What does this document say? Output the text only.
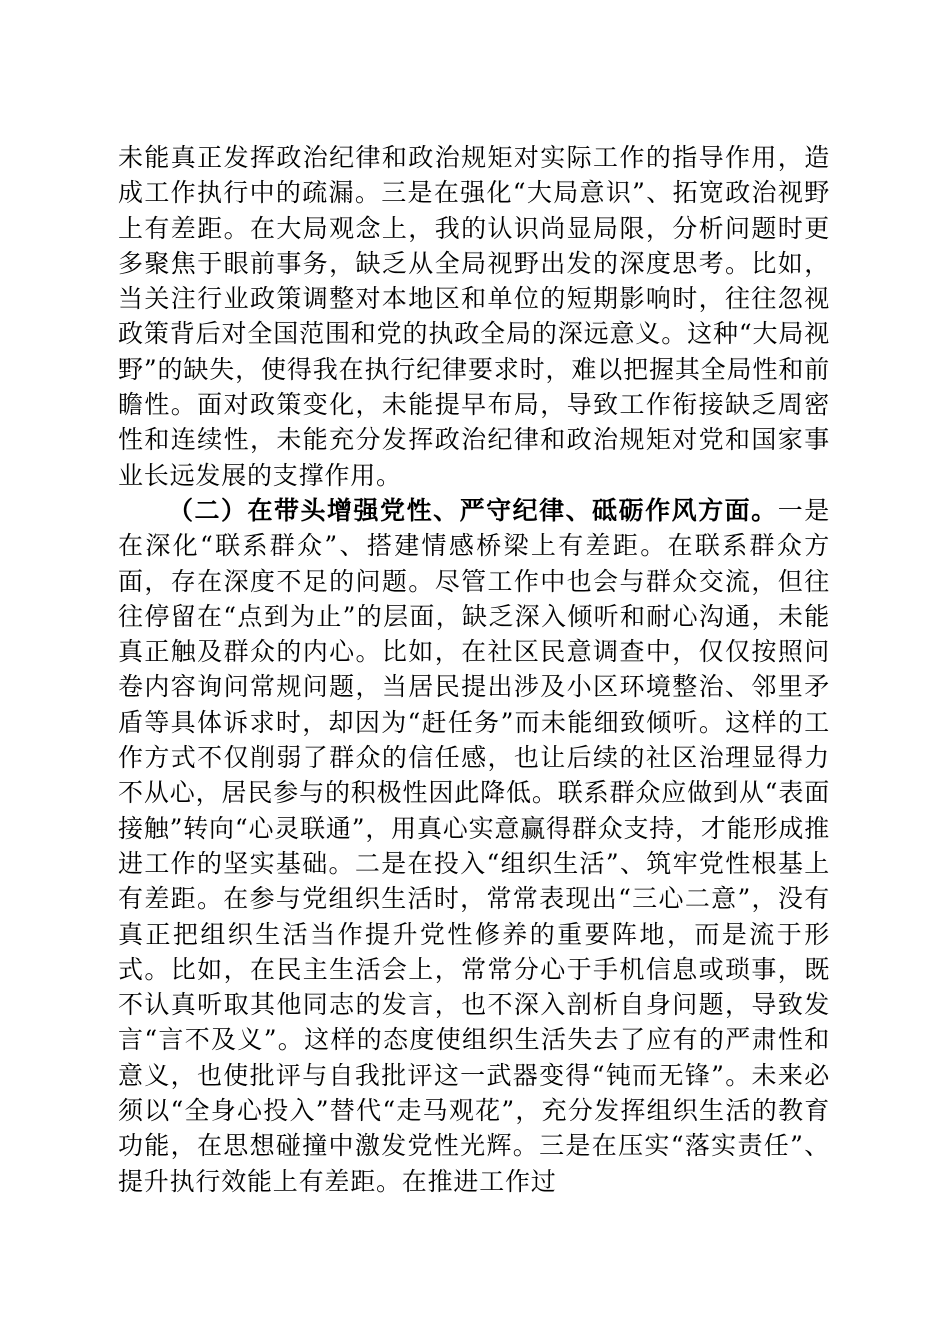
未能真正发挥政治纪律和政治规矩对实际工作的指导作用，造成工作执行中的疏漏。三是在强化“大局意识”、拓宽政治视野上有差距。在大局观念上，我的认识尚显局限，分析问题时更多聚焦于眼前事务，缺乏从全局视野出发的深度思考。比如，当关注行业政策调整对本地区和单位的短期影响时，往往忽视政策背后对全国范围和党的执政全局的深远意义。这种“大局视野”的缺失，使得我在执行纪律要求时，难以把握其全局性和前瞻性。面对政策变化，未能提早布局，导致工作衔接缺乏周密性和连续性，未能充分发挥政治纪律和政治规矩对党和国家事业长远发展的支撑作用。

（二）在带头增强党性、严守纪律、砥砺作风方面。一是在深化“联系群众”、搭建情感桥梁上有差距。在联系群众方面，存在深度不足的问题。尽管工作中也会与群众交流，但往往停留在“点到为止”的层面，缺乏深入倾听和耐心沟通，未能真正触及群众的内心。比如，在社区民意调查中，仅仅按照问卷内容询问常规问题，当居民提出涉及小区环境整治、邻里矛盾等具体诉求时，却因为“赶任务”而未能细致倾听。这样的工作方式不仅削弱了群众的信任感，也让后续的社区治理显得力不从心，居民参与的积极性因此降低。联系群众应做到从“表面接触”转向“心灵联通”，用真心实意赢得群众支持，才能形成推进工作的坚实基础。二是在投入“组织生活”、筑牢党性根基上有差距。在参与党组织生活时，常常表现出“三心二意”，没有真正把组织生活当作提升党性修养的重要阵地，而是流于形式。比如，在民主生活会上，常常分心于手机信息或琐事，既不认真听取其他同志的发言，也不深入剖析自身问题，导致发言“言不及义”。这样的态度使组织生活失去了应有的严肃性和意义，也使批评与自我批评这一武器变得“钝而无锋”。未来必须以“全身心投入”替代“走马观花”，充分发挥组织生活的教育功能，在思想碰撞中激发党性光辉。三是在压实“落实责任”、提升执行效能上有差距。在推进工作过
